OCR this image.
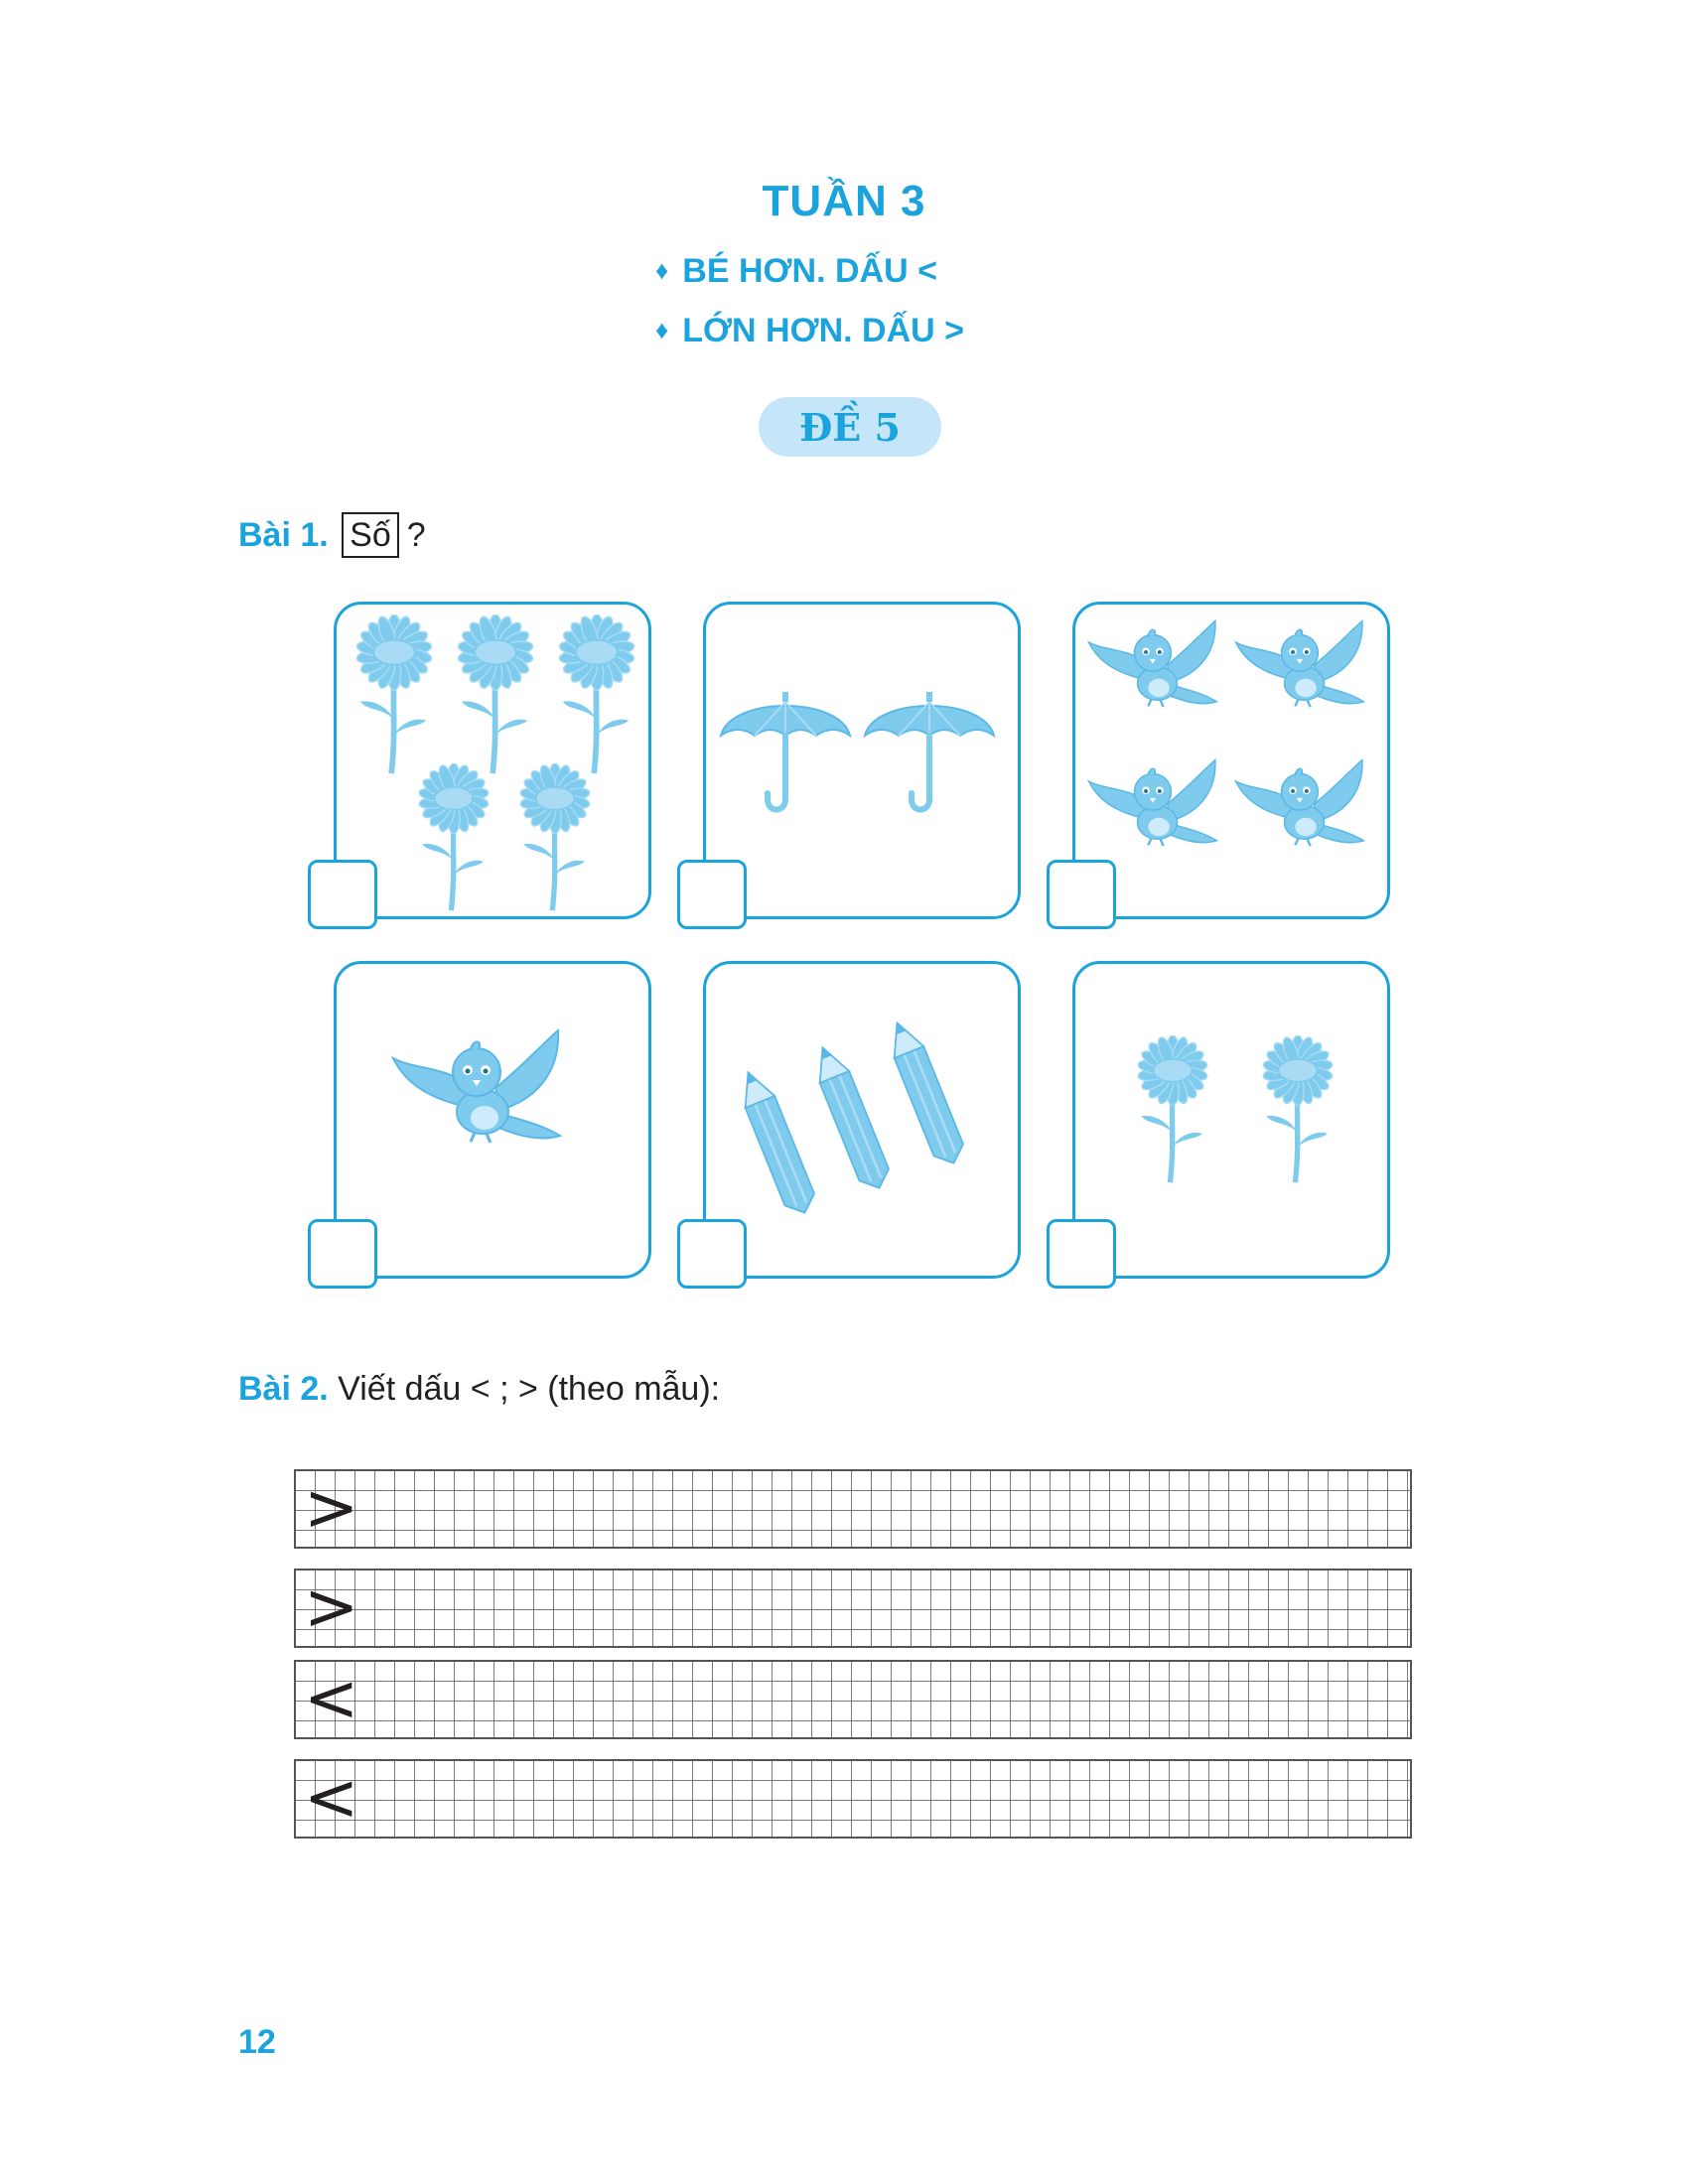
TUẦN 3
♦ BÉ HƠN. DẤU <
♦ LỚN HƠN. DẤU >
ĐỀ 5
Bài 1. Số ?
Bài 2. Viết dấu < ; > (theo mẫu):
>
>
<
<
12
